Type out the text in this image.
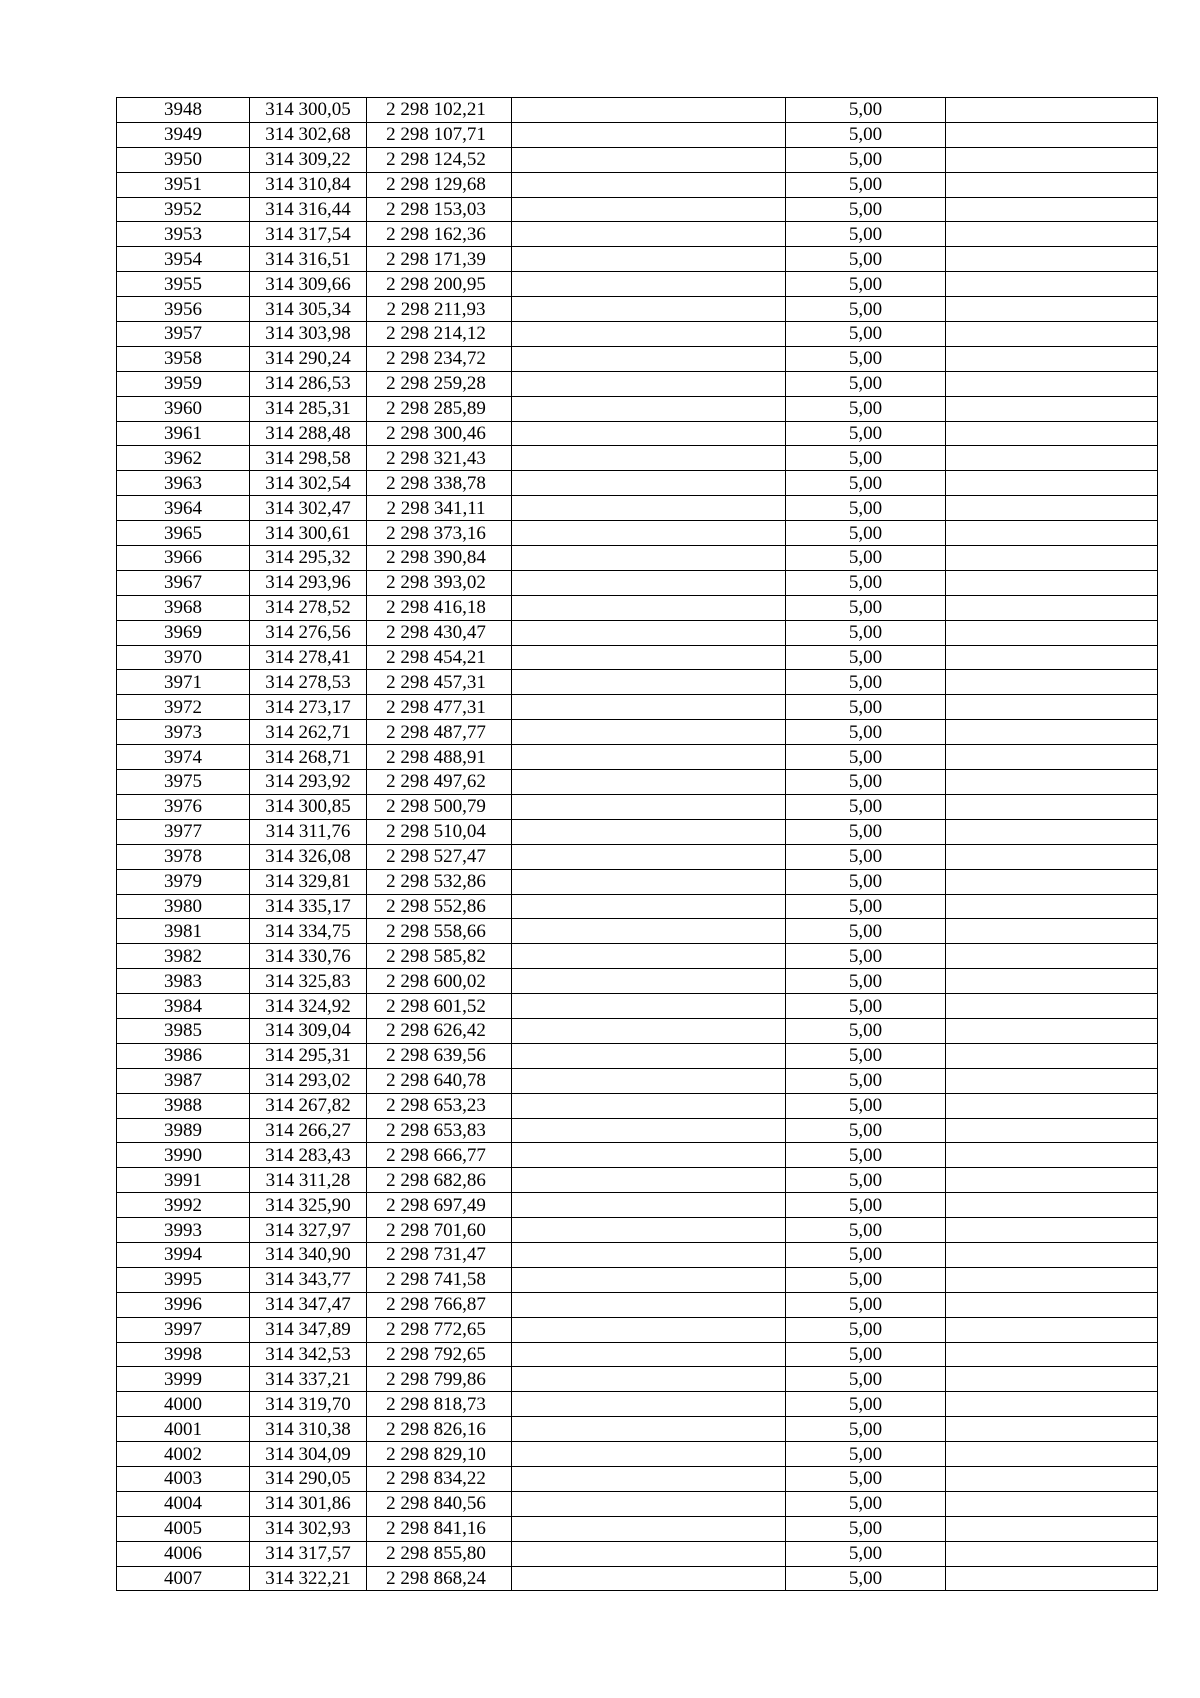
3948	314 300,05	2 298 102,21		5,00	
3949	314 302,68	2 298 107,71		5,00	
3950	314 309,22	2 298 124,52		5,00	
3951	314 310,84	2 298 129,68		5,00	
3952	314 316,44	2 298 153,03		5,00	
3953	314 317,54	2 298 162,36		5,00	
3954	314 316,51	2 298 171,39		5,00	
3955	314 309,66	2 298 200,95		5,00	
3956	314 305,34	2 298 211,93		5,00	
3957	314 303,98	2 298 214,12		5,00	
3958	314 290,24	2 298 234,72		5,00	
3959	314 286,53	2 298 259,28		5,00	
3960	314 285,31	2 298 285,89		5,00	
3961	314 288,48	2 298 300,46		5,00	
3962	314 298,58	2 298 321,43		5,00	
3963	314 302,54	2 298 338,78		5,00	
3964	314 302,47	2 298 341,11		5,00	
3965	314 300,61	2 298 373,16		5,00	
3966	314 295,32	2 298 390,84		5,00	
3967	314 293,96	2 298 393,02		5,00	
3968	314 278,52	2 298 416,18		5,00	
3969	314 276,56	2 298 430,47		5,00	
3970	314 278,41	2 298 454,21		5,00	
3971	314 278,53	2 298 457,31		5,00	
3972	314 273,17	2 298 477,31		5,00	
3973	314 262,71	2 298 487,77		5,00	
3974	314 268,71	2 298 488,91		5,00	
3975	314 293,92	2 298 497,62		5,00	
3976	314 300,85	2 298 500,79		5,00	
3977	314 311,76	2 298 510,04		5,00	
3978	314 326,08	2 298 527,47		5,00	
3979	314 329,81	2 298 532,86		5,00	
3980	314 335,17	2 298 552,86		5,00	
3981	314 334,75	2 298 558,66		5,00	
3982	314 330,76	2 298 585,82		5,00	
3983	314 325,83	2 298 600,02		5,00	
3984	314 324,92	2 298 601,52		5,00	
3985	314 309,04	2 298 626,42		5,00	
3986	314 295,31	2 298 639,56		5,00	
3987	314 293,02	2 298 640,78		5,00	
3988	314 267,82	2 298 653,23		5,00	
3989	314 266,27	2 298 653,83		5,00	
3990	314 283,43	2 298 666,77		5,00	
3991	314 311,28	2 298 682,86		5,00	
3992	314 325,90	2 298 697,49		5,00	
3993	314 327,97	2 298 701,60		5,00	
3994	314 340,90	2 298 731,47		5,00	
3995	314 343,77	2 298 741,58		5,00	
3996	314 347,47	2 298 766,87		5,00	
3997	314 347,89	2 298 772,65		5,00	
3998	314 342,53	2 298 792,65		5,00	
3999	314 337,21	2 298 799,86		5,00	
4000	314 319,70	2 298 818,73		5,00	
4001	314 310,38	2 298 826,16		5,00	
4002	314 304,09	2 298 829,10		5,00	
4003	314 290,05	2 298 834,22		5,00	
4004	314 301,86	2 298 840,56		5,00	
4005	314 302,93	2 298 841,16		5,00	
4006	314 317,57	2 298 855,80		5,00	
4007	314 322,21	2 298 868,24		5,00	
